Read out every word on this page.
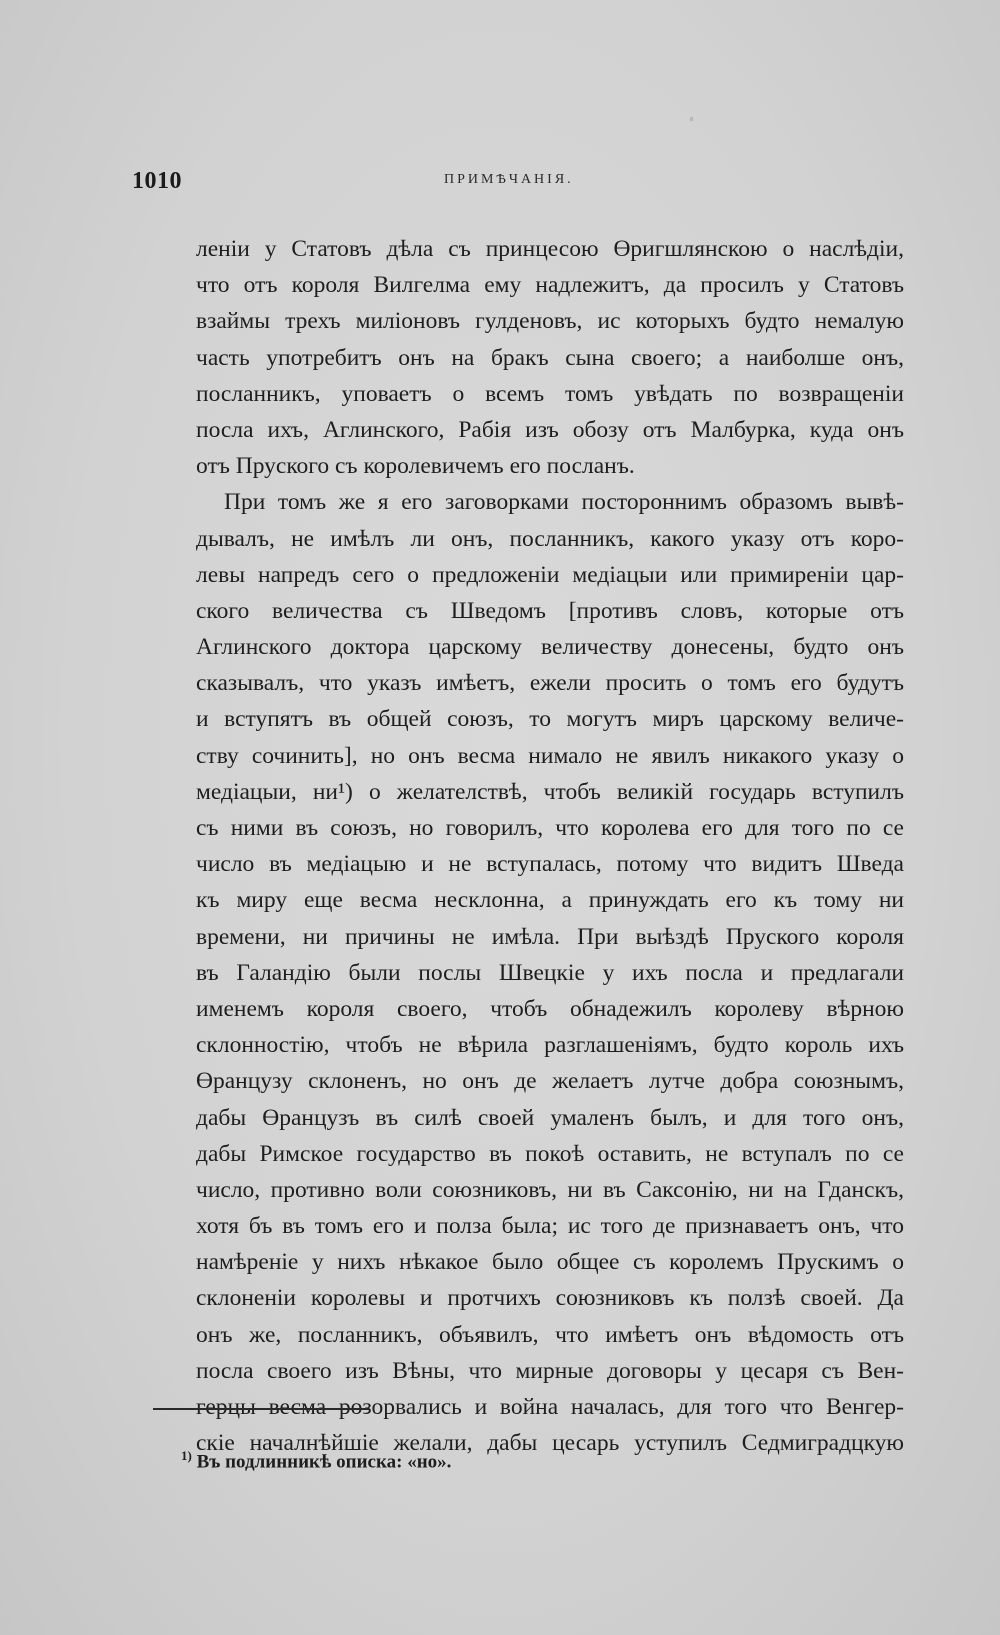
1010	ПРИМѢЧАНІЯ.
леніи у Статовъ дѣла съ принцесою Өригшлянскою о наслѣдіи,
что отъ короля Вилгелма ему надлежитъ, да просилъ у Статовъ
взаймы трехъ миліоновъ гулденовъ, ис которыхъ будто немалую
часть употребитъ онъ на бракъ сына своего; а наиболше онъ,
посланникъ, уповаетъ о всемъ томъ увѣдать по возвращеніи
посла ихъ, Аглинского, Рабія изъ обозу отъ Малбурка, куда онъ
отъ Пруского съ королевичемъ его посланъ.
При томъ же я его заговорками постороннимъ образомъ вывѣ-
дывалъ, не имѣлъ ли онъ, посланникъ, какого указу отъ коро-
левы напредъ сего о предложеніи медіацыи или примиреніи цар-
ского величества съ Шведомъ [противъ словъ, которые отъ
Аглинского доктора царскому величеству донесены, будто онъ
сказывалъ, что указъ имѣетъ, ежели просить о томъ его будутъ
и вступятъ въ общей союзъ, то могутъ миръ царскому величе-
ству сочинить], но онъ весма нимало не явилъ никакого указу о
медіацыи, ни¹) о желателствѣ, чтобъ великій государь вступилъ
съ ними въ союзъ, но говорилъ, что королева его для того по се
число въ медіацыю и не вступалась, потому что видитъ Шведа
къ миру еще весма несклонна, а принуждать его къ тому ни
времени, ни причины не имѣла. При выѣздѣ Пруского короля
въ Галандію были послы Швецкіе у ихъ посла и предлагали
именемъ короля своего, чтобъ обнадежилъ королеву вѣрною
склонностію, чтобъ не вѣрила разглашеніямъ, будто король ихъ
Өранцузу склоненъ, но онъ де желаетъ лутче добра союзнымъ,
дабы Өранцузъ въ силѣ своей умаленъ былъ, и для того онъ,
дабы Римское государство въ покоѣ оставить, не вступалъ по се
число, противно воли союзниковъ, ни въ Саксонію, ни на Гданскъ,
хотя бъ въ томъ его и полза была; ис того де признаваетъ онъ, что
намѣреніе у нихъ нѣкакое было общее съ королемъ Прускимъ о
склоненіи королевы и протчихъ союзниковъ къ ползѣ своей. Да
онъ же, посланникъ, объявилъ, что имѣетъ онъ вѣдомость отъ
посла своего изъ Вѣны, что мирные договоры у цесаря съ Вен-
герцы весма розорвались и война началась, для того что Венгер-
скіе началнѣйшіе желали, дабы цесарь уступилъ Седмиградцкую
$^{1)}$ Въ подлинникѣ описка: «но».
